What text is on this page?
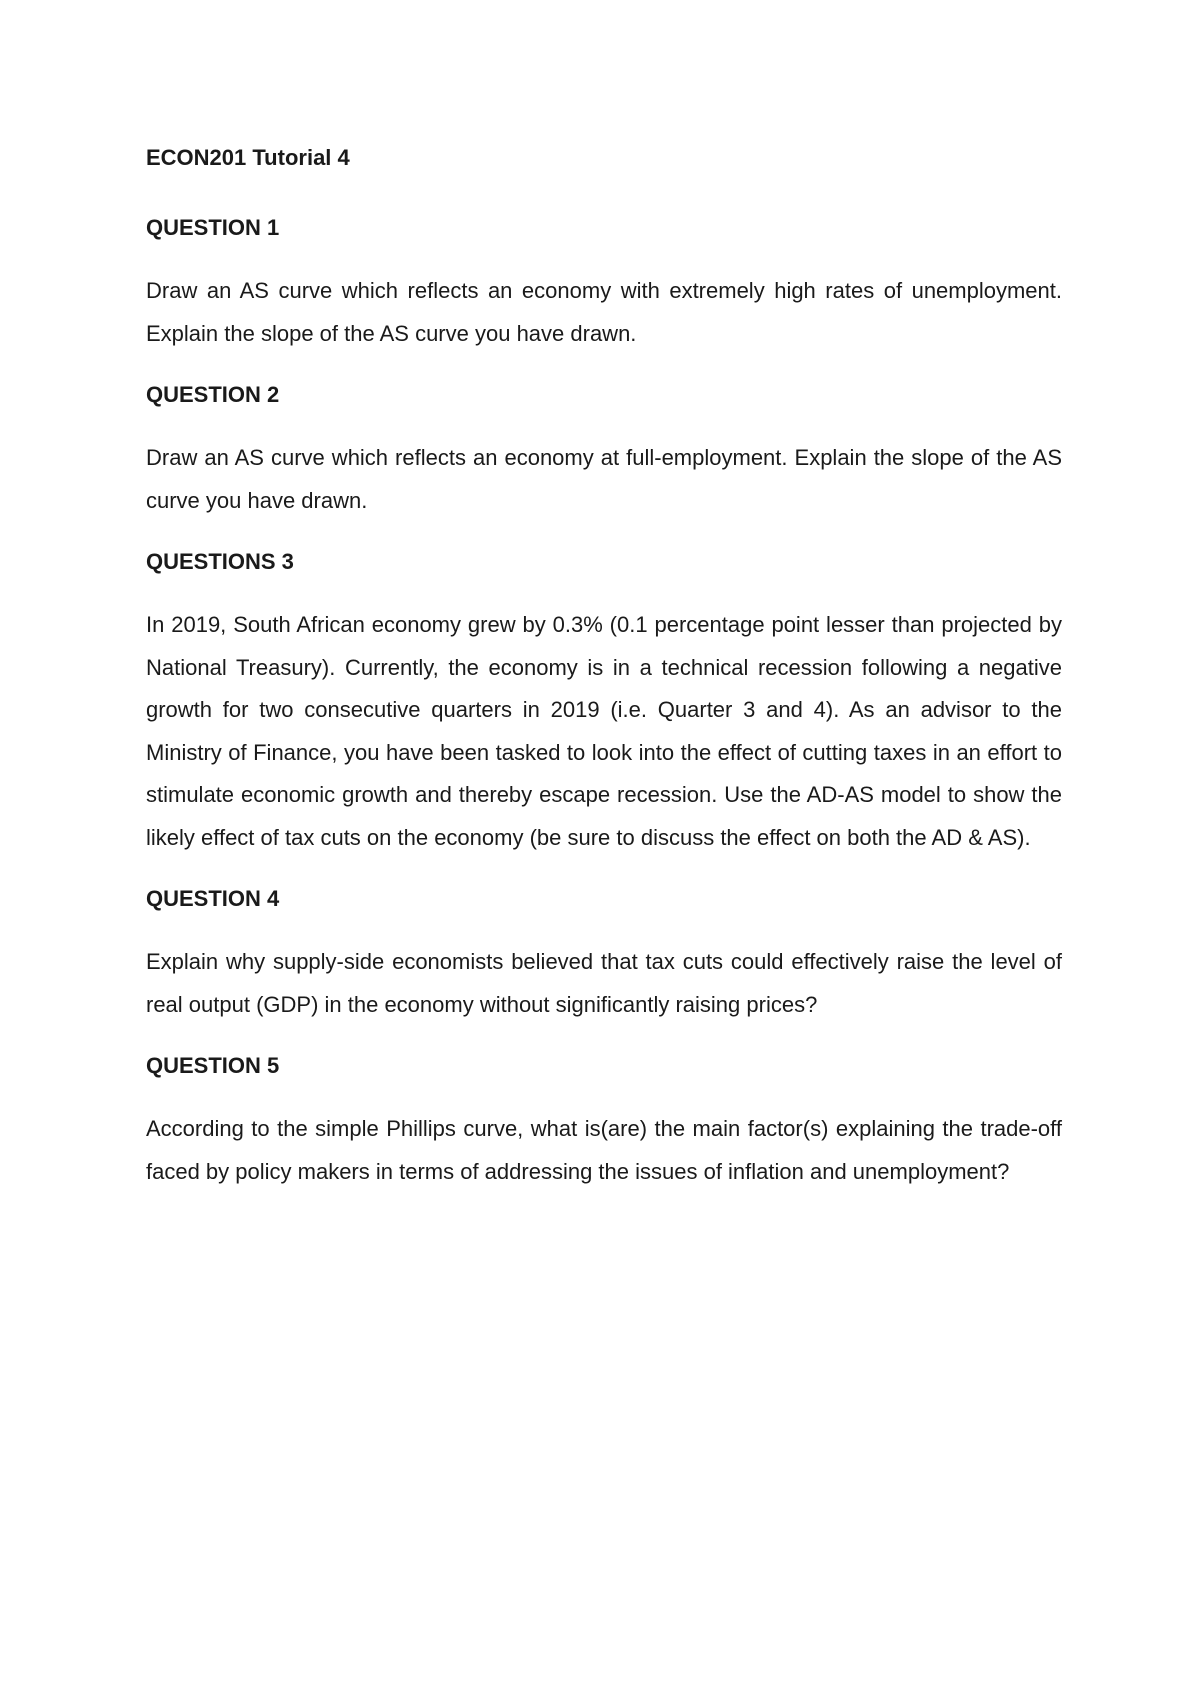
ECON201 Tutorial 4
QUESTION 1

Draw an AS curve which reflects an economy with extremely high rates of unemployment. Explain the slope of the AS curve you have drawn.

QUESTION 2

Draw an AS curve which reflects an economy at full-employment. Explain the slope of the AS curve you have drawn.

QUESTIONS 3

In 2019, South African economy grew by 0.3% (0.1 percentage point lesser than projected by National Treasury). Currently, the economy is in a technical recession following a negative growth for two consecutive quarters in 2019 (i.e. Quarter 3 and 4). As an advisor to the Ministry of Finance, you have been tasked to look into the effect of cutting taxes in an effort to stimulate economic growth and thereby escape recession. Use the AD-AS model to show the likely effect of tax cuts on the economy (be sure to discuss the effect on both the AD & AS).

QUESTION 4

Explain why supply-side economists believed that tax cuts could effectively raise the level of real output (GDP) in the economy without significantly raising prices?

QUESTION 5

According to the simple Phillips curve, what is(are) the main factor(s) explaining the trade-off faced by policy makers in terms of addressing the issues of inflation and unemployment?
